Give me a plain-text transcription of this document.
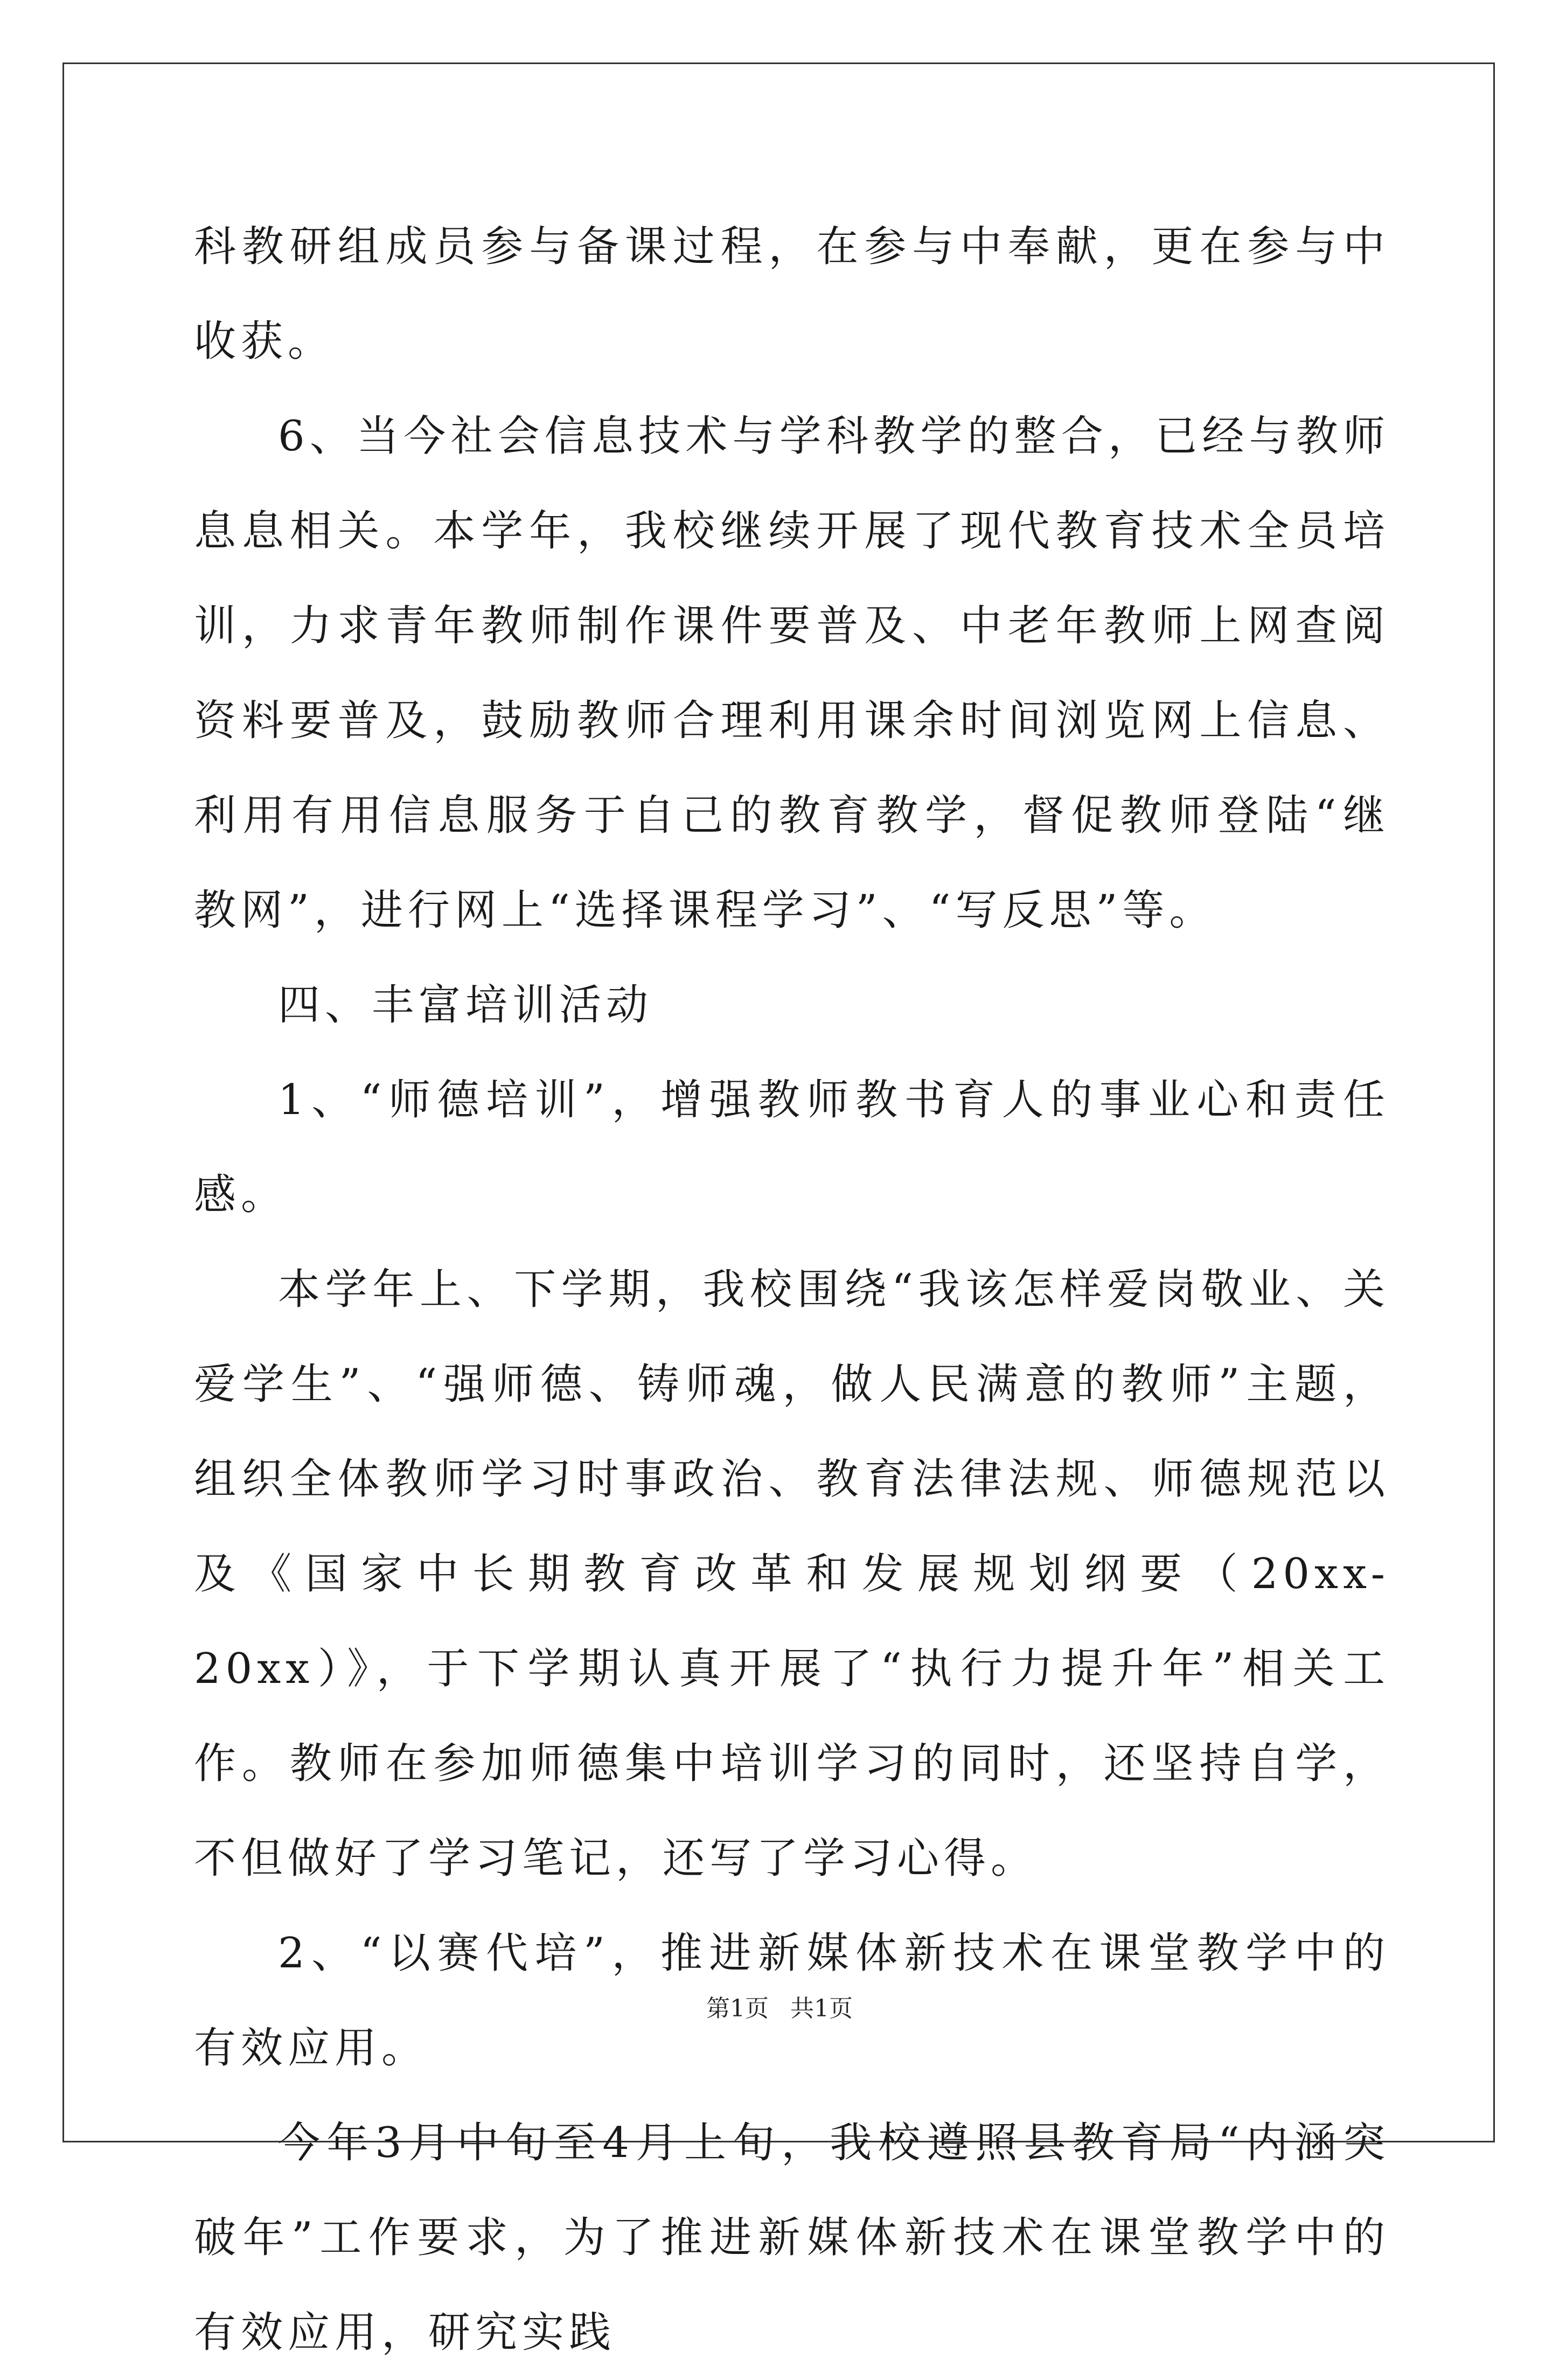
科教研组成员参与备课过程，在参与中奉献，更在参与中收获。

6、当今社会信息技术与学科教学的整合，已经与教师息息相关。本学年，我校继续开展了现代教育技术全员培训，力求青年教师制作课件要普及、中老年教师上网查阅资料要普及，鼓励教师合理利用课余时间浏览网上信息、利用有用信息服务于自己的教育教学，督促教师登陆“继教网”，进行网上“选择课程学习”、“写反思”等。

四、丰富培训活动

1、“师德培训”，增强教师教书育人的事业心和责任感。

本学年上、下学期，我校围绕“我该怎样爱岗敬业、关爱学生”、“强师德、铸师魂，做人民满意的教师”主题，组织全体教师学习时事政治、教育法律法规、师德规范以及《国家中长期教育改革和发展规划纲要（20xx-20xx）》，于下学期认真开展了“执行力提升年”相关工作。教师在参加师德集中培训学习的同时，还坚持自学，不但做好了学习笔记，还写了学习心得。

2、“以赛代培”，推进新媒体新技术在课堂教学中的有效应用。

今年3月中旬至4月上旬，我校遵照县教育局“内涵突破年”工作要求，为了推进新媒体新技术在课堂教学中的有效应用，研究实践

第1页 共1页
